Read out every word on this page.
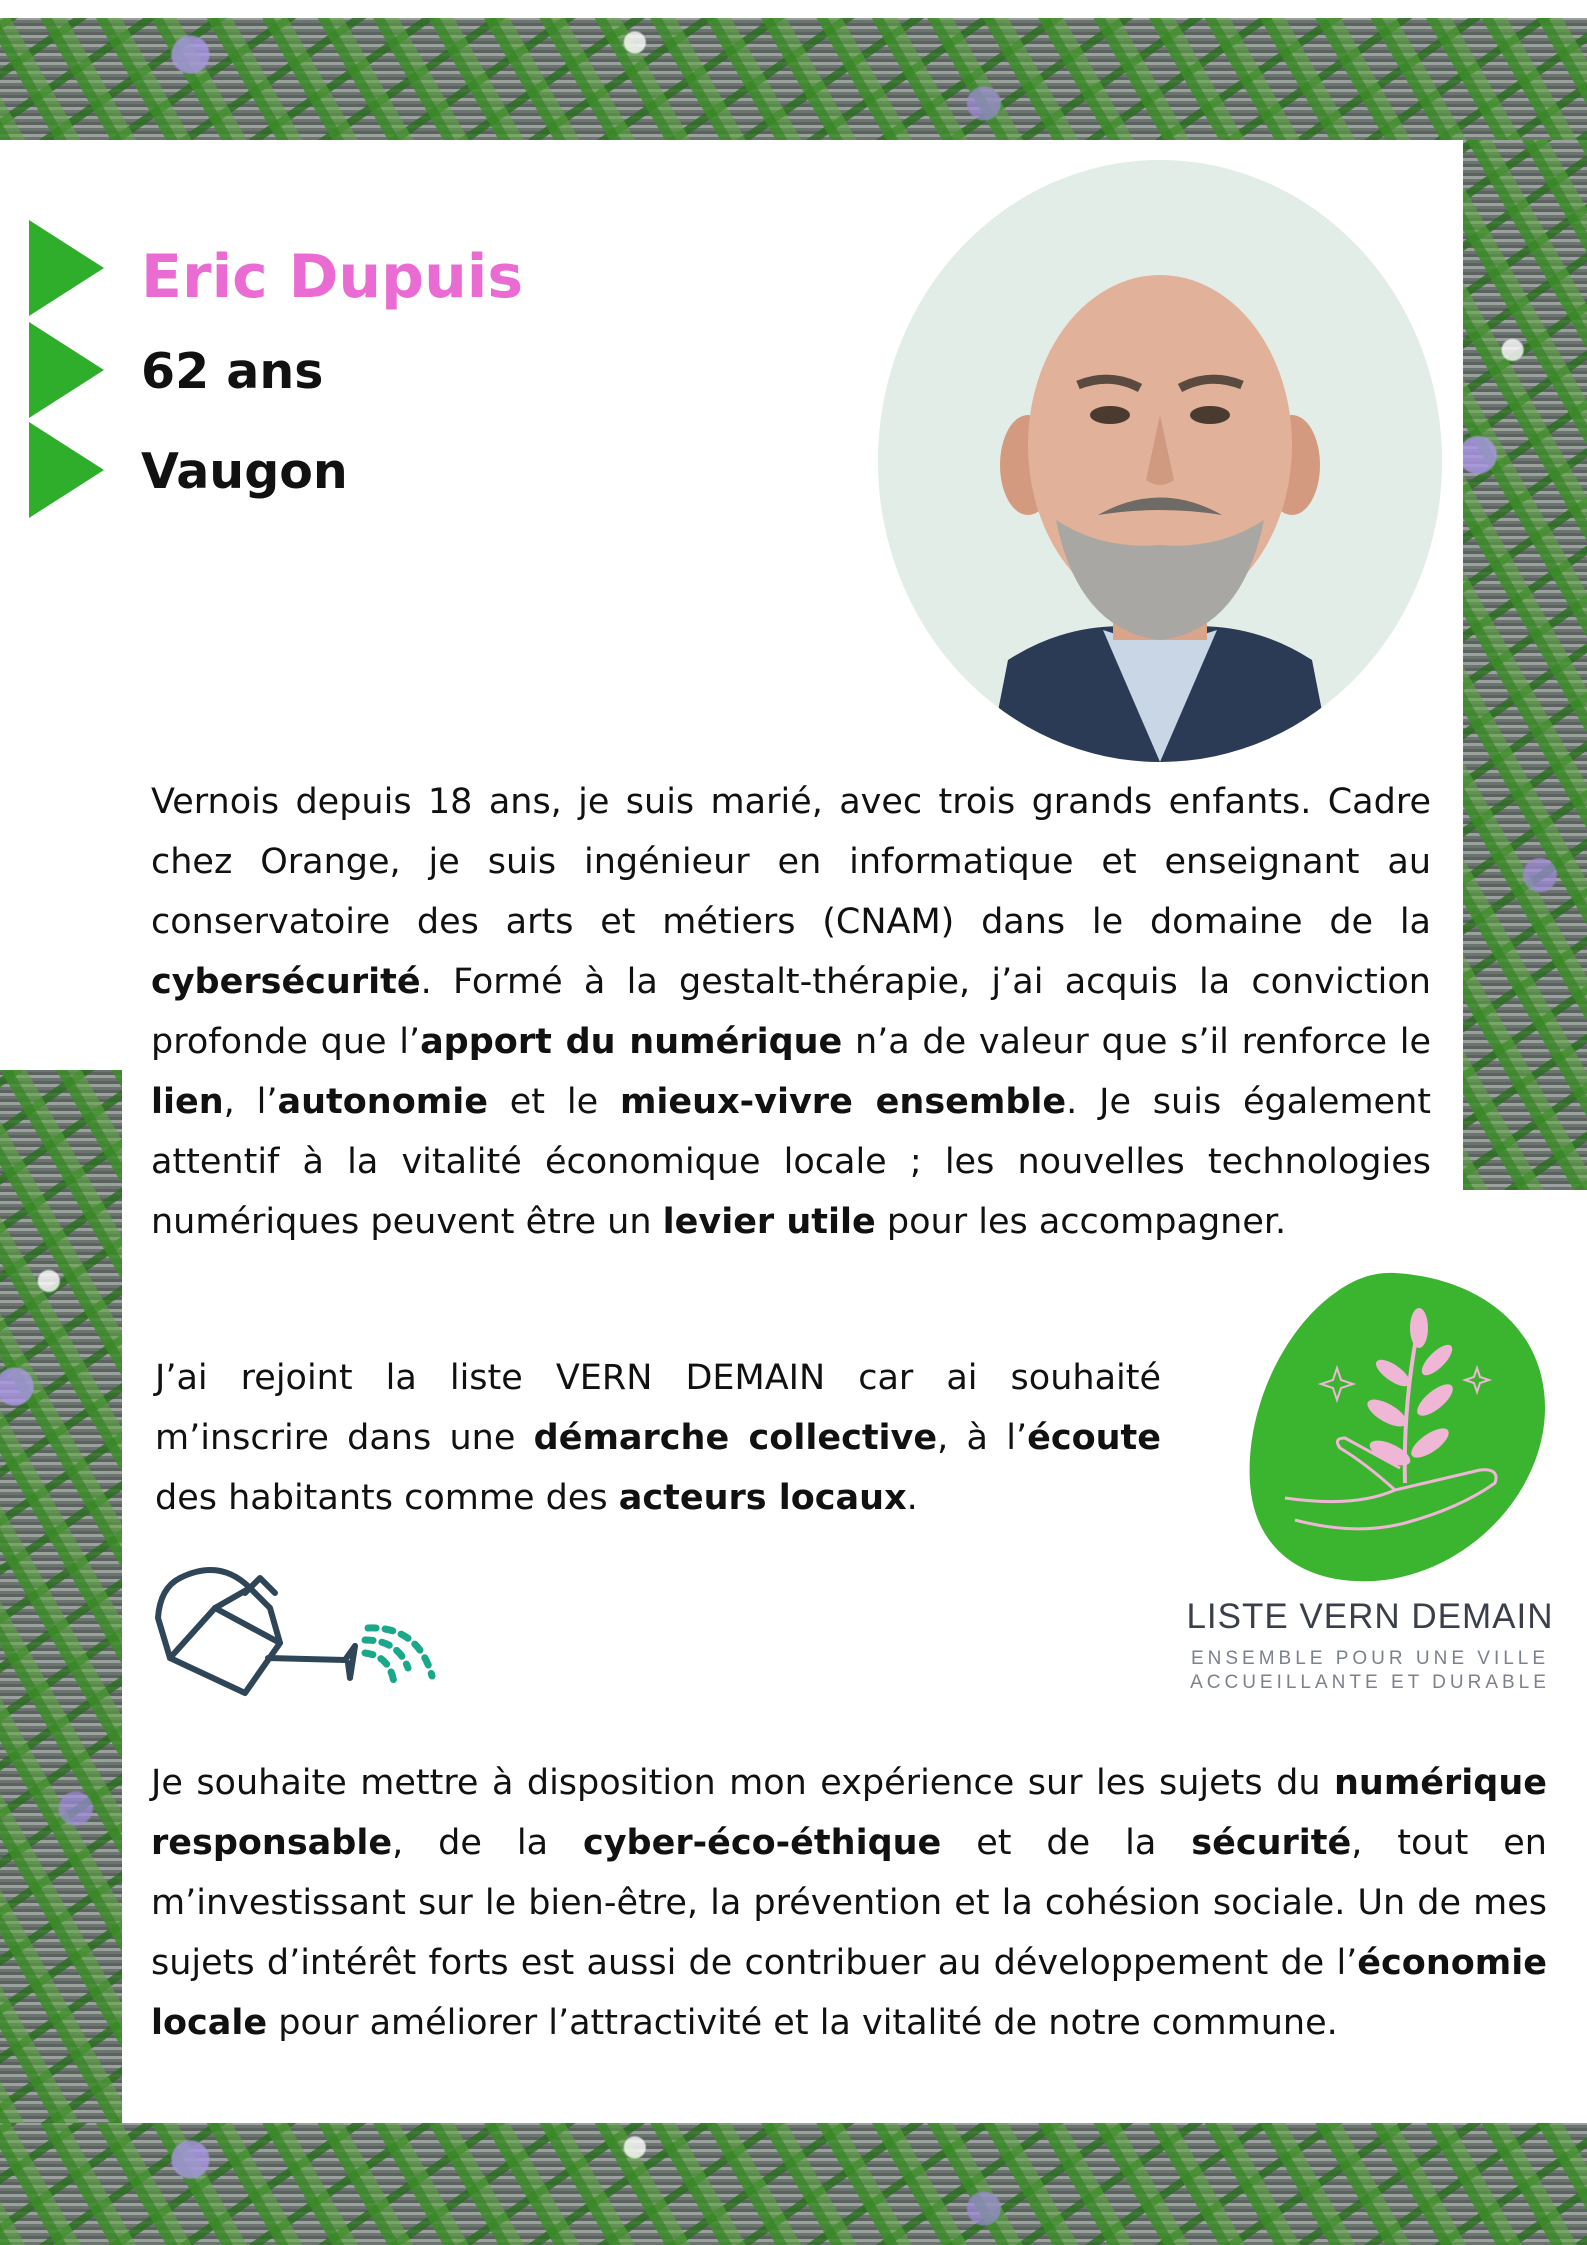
Eric Dupuis
62 ans
Vaugon
Vernois depuis 18 ans, je suis marié, avec trois grands enfants. Cadre chez Orange, je suis ingénieur en informatique et enseignant au conservatoire des arts et métiers (CNAM) dans le domaine de la cybersécurité. Formé à la gestalt-thérapie, j’ai acquis la conviction profonde que l’apport du numérique n’a de valeur que s’il renforce le lien, l’autonomie et le mieux-vivre ensemble. Je suis également attentif à la vitalité économique locale ; les nouvelles technologies numériques peuvent être un levier utile pour les accompagner.
J’ai rejoint la liste VERN DEMAIN car ai souhaité m’inscrire dans une démarche collective, à l’écoute des habitants comme des acteurs locaux.
Je souhaite mettre à disposition mon expérience sur les sujets du numérique responsable, de la cyber-éco-éthique et de la sécurité, tout en m’investissant sur le bien-être, la prévention et la cohésion sociale. Un de mes sujets d’intérêt forts est aussi de contribuer au développement de l’économie locale pour améliorer l’attractivité et la vitalité de notre commune.
LISTE VERN DEMAIN
ENSEMBLE POUR UNE VILLE
ACCUEILLANTE ET DURABLE
